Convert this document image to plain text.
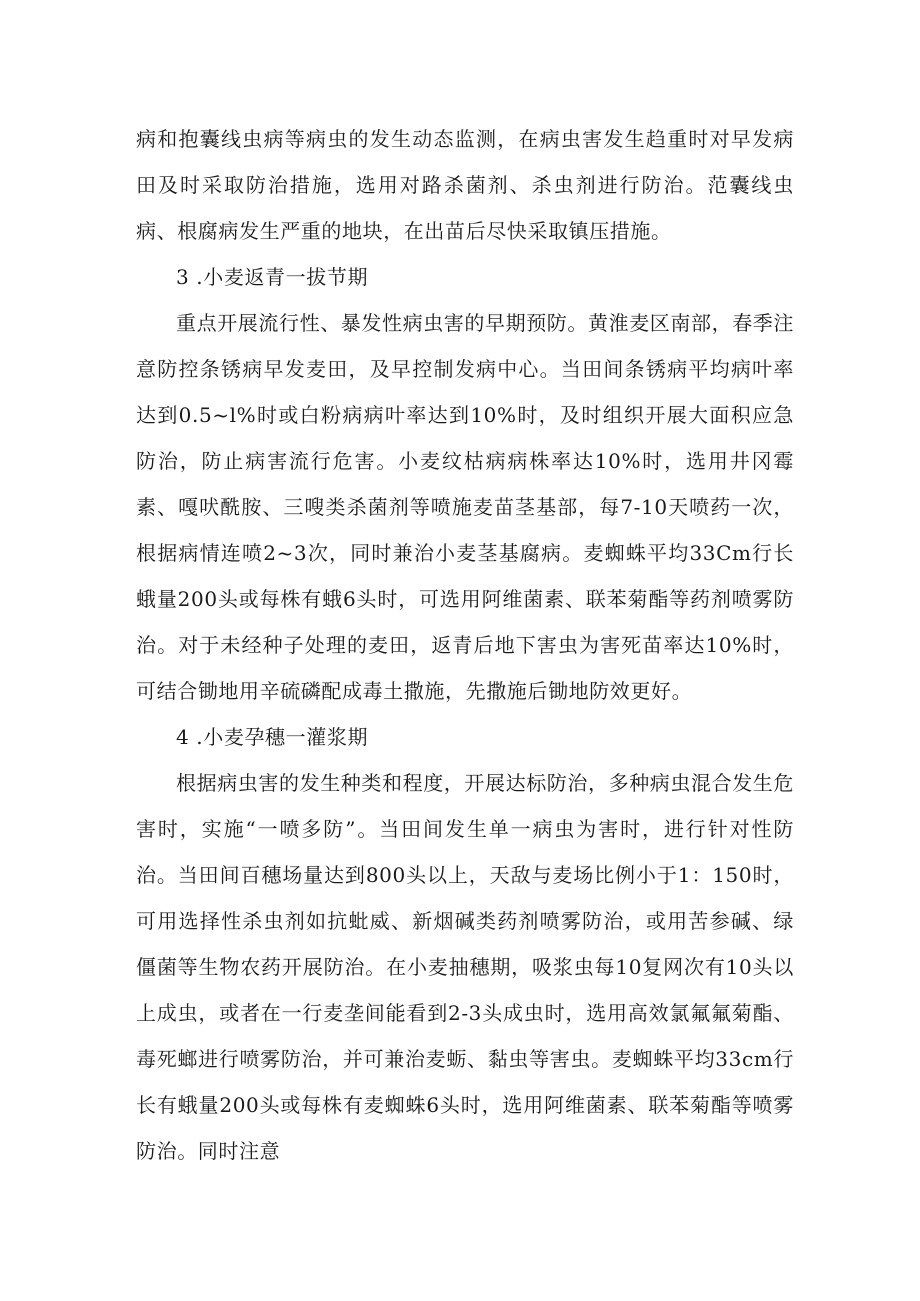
病和抱囊线虫病等病虫的发生动态监测，在病虫害发生趋重时对早发病田及时采取防治措施，选用对路杀菌剂、杀虫剂进行防治。范囊线虫病、根腐病发生严重的地块，在出苗后尽快采取镇压措施。

3 .小麦返青一拔节期

重点开展流行性、暴发性病虫害的早期预防。黄淮麦区南部，春季注意防控条锈病早发麦田，及早控制发病中心。当田间条锈病平均病叶率达到0.5~l%时或白粉病病叶率达到10%时，及时组织开展大面积应急防治，防止病害流行危害。小麦纹枯病病株率达10%时，选用井冈霉素、嘎吠酰胺、三嗖类杀菌剂等喷施麦苗茎基部，每7-10天喷药一次，根据病情连喷2~3次，同时兼治小麦茎基腐病。麦蜘蛛平均33Cm行长蛾量200头或每株有蛾6头时，可选用阿维菌素、联苯菊酯等药剂喷雾防治。对于未经种子处理的麦田，返青后地下害虫为害死苗率达10%时，可结合锄地用辛硫磷配成毒土撒施，先撒施后锄地防效更好。

4 .小麦孕穗一灌浆期

根据病虫害的发生种类和程度，开展达标防治，多种病虫混合发生危害时，实施“一喷多防”。当田间发生单一病虫为害时，进行针对性防治。当田间百穗场量达到800头以上，天敌与麦场比例小于1：150时，可用选择性杀虫剂如抗蚍威、新烟碱类药剂喷雾防治，或用苦参碱、绿僵菌等生物农药开展防治。在小麦抽穗期，吸浆虫每10复网次有10头以上成虫，或者在一行麦垄间能看到2-3头成虫时，选用高效氯氟氟菊酯、毒死螂进行喷雾防治，并可兼治麦蛎、黏虫等害虫。麦蜘蛛平均33cm行长有蛾量200头或每株有麦蜘蛛6头时，选用阿维菌素、联苯菊酯等喷雾防治。同时注意
